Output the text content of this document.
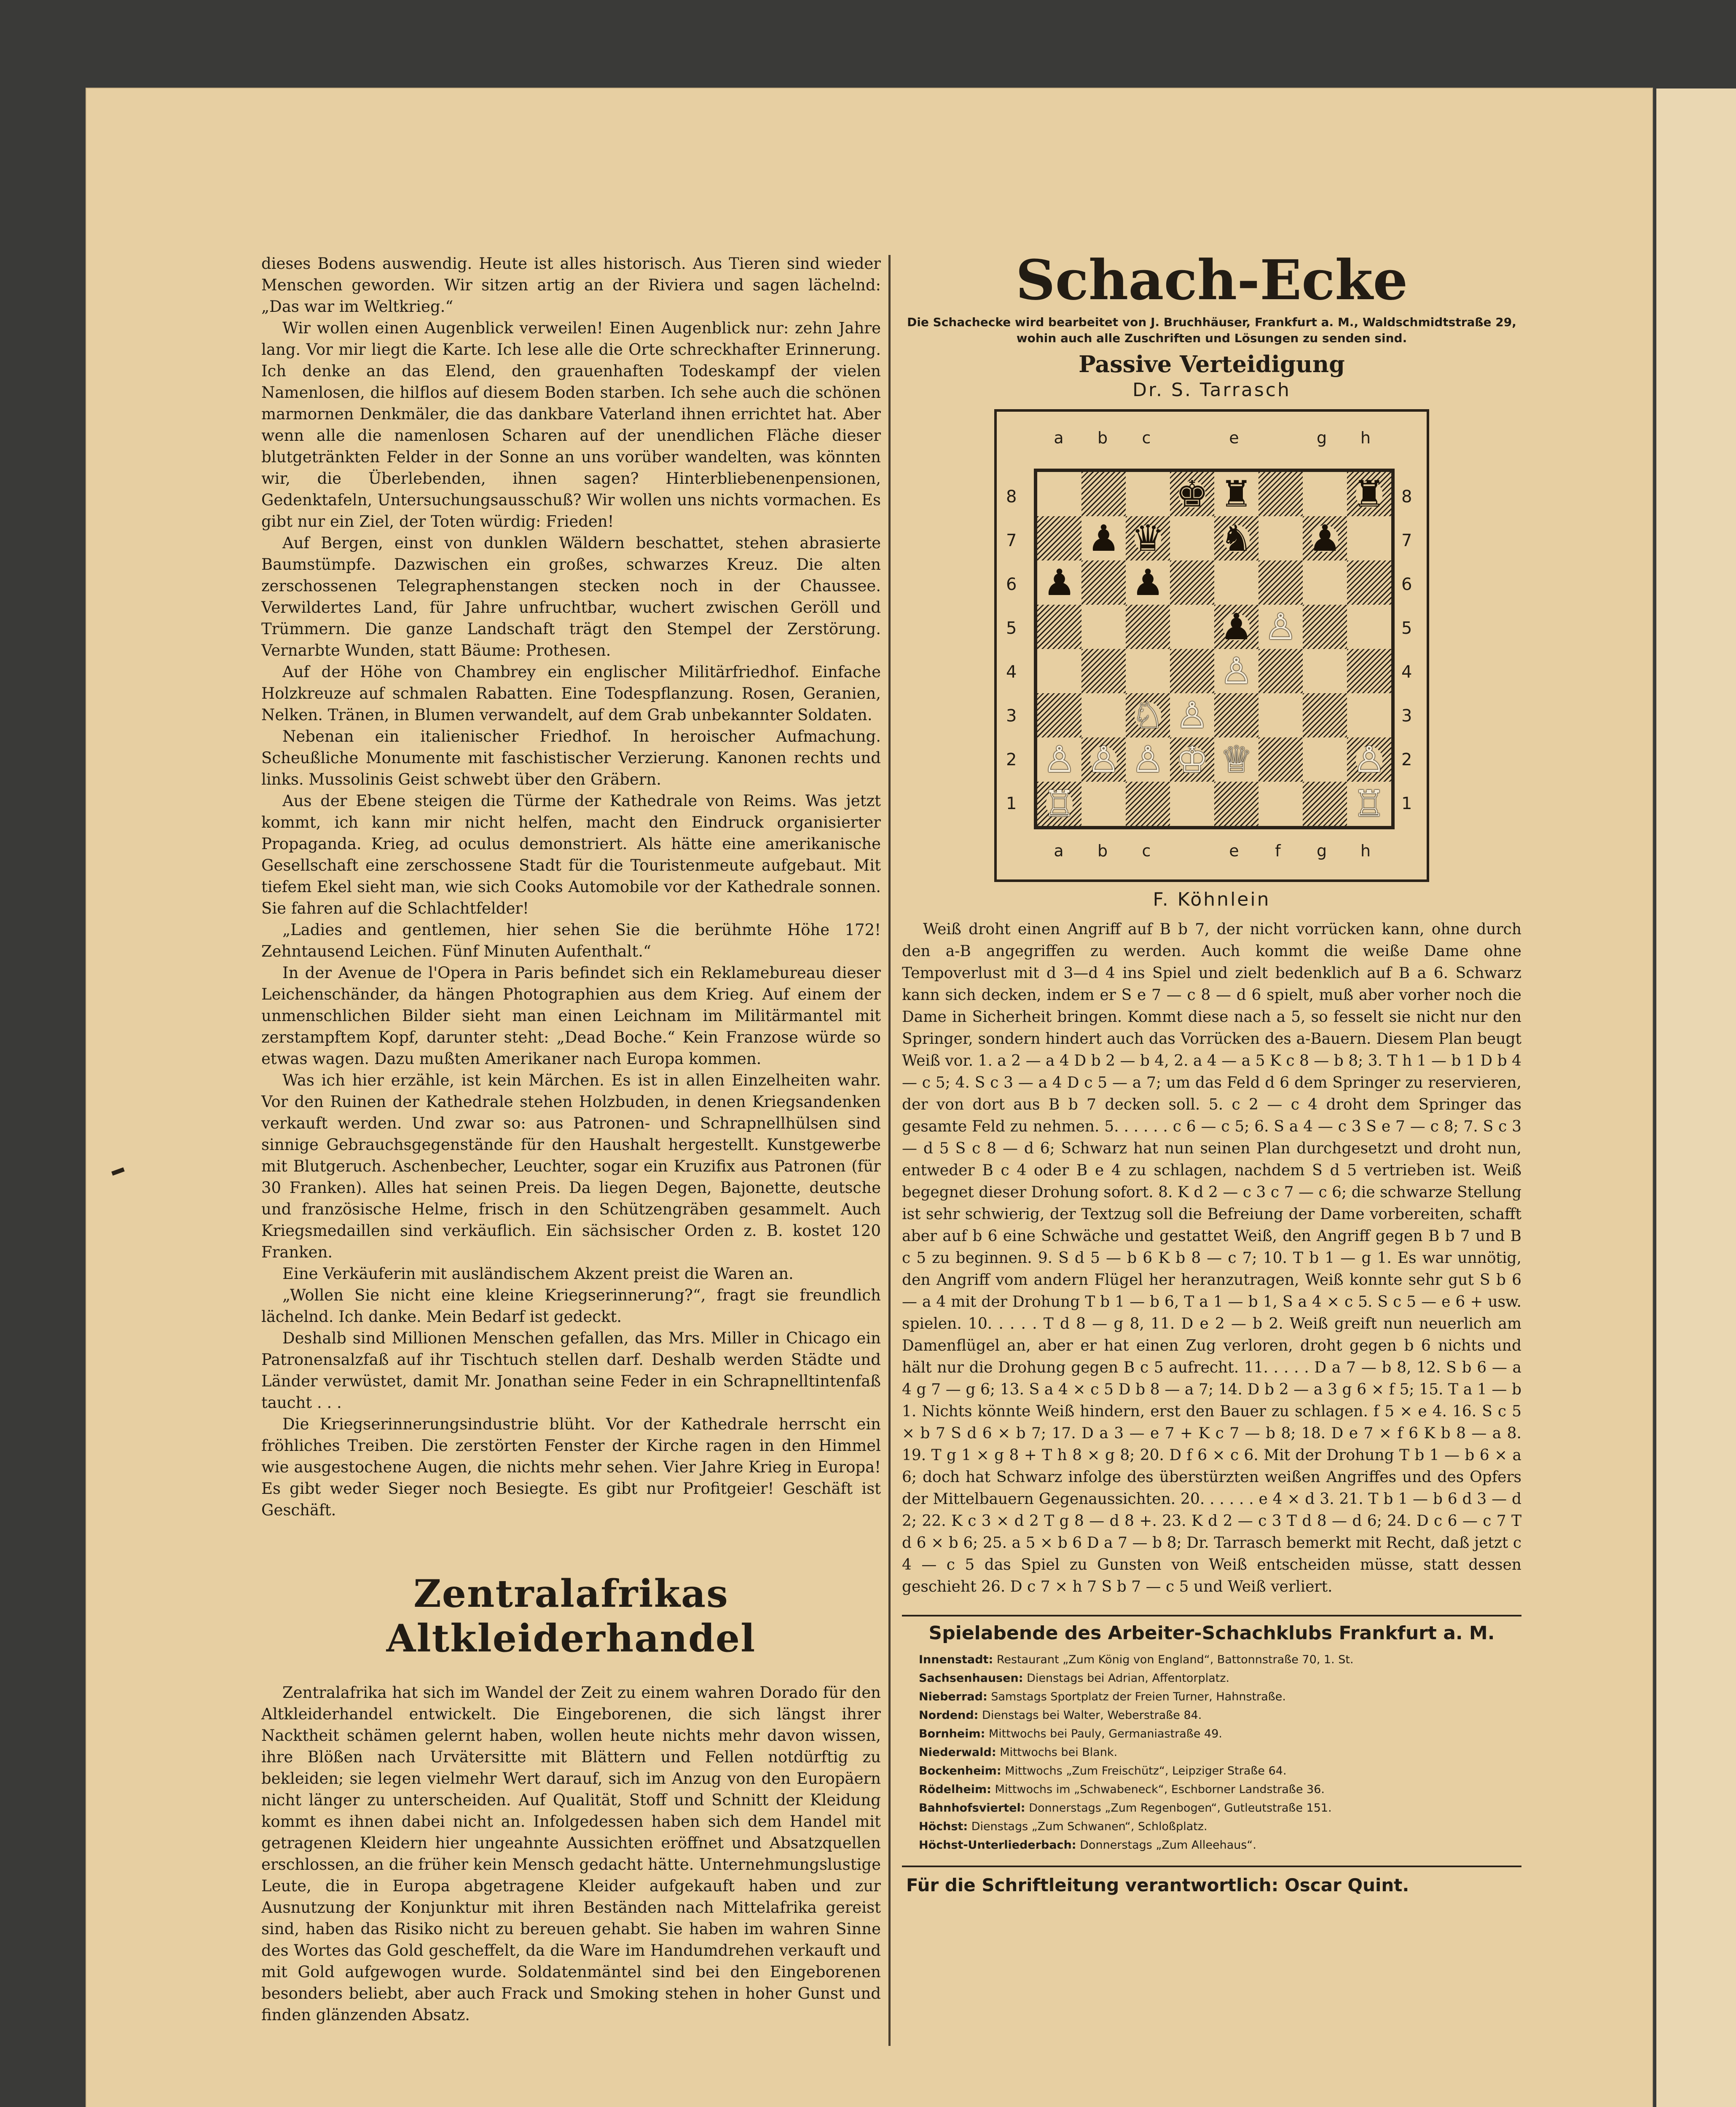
dieses Bodens auswendig. Heute ist alles historisch. Aus Tieren sind wieder Menschen geworden. Wir sitzen artig an der Riviera und sagen lächelnd: „Das war im Weltkrieg.“

Wir wollen einen Augenblick verweilen! Einen Augenblick nur: zehn Jahre lang. Vor mir liegt die Karte. Ich lese alle die Orte schreckhafter Erinnerung. Ich denke an das Elend, den grauenhaften Todeskampf der vielen Namenlosen, die hilflos auf diesem Boden starben. Ich sehe auch die schönen marmornen Denkmäler, die das dankbare Vaterland ihnen errichtet hat. Aber wenn alle die namenlosen Scharen auf der unendlichen Fläche dieser blutgetränkten Felder in der Sonne an uns vorüber wandelten, was könnten wir, die Überlebenden, ihnen sagen? Hinterbliebenenpensionen, Gedenktafeln, Untersuchungsausschuß? Wir wollen uns nichts vormachen. Es gibt nur ein Ziel, der Toten würdig: Frieden!

Auf Bergen, einst von dunklen Wäldern beschattet, stehen abrasierte Baumstümpfe. Dazwischen ein großes, schwarzes Kreuz. Die alten zerschossenen Telegraphenstangen stecken noch in der Chaussee. Verwildertes Land, für Jahre unfruchtbar, wuchert zwischen Geröll und Trümmern. Die ganze Landschaft trägt den Stempel der Zerstörung. Vernarbte Wunden, statt Bäume: Prothesen.

Auf der Höhe von Chambrey ein englischer Militärfriedhof. Einfache Holzkreuze auf schmalen Rabatten. Eine Todespflanzung. Rosen, Geranien, Nelken. Tränen, in Blumen verwandelt, auf dem Grab unbekannter Soldaten.

Nebenan ein italienischer Friedhof. In heroischer Aufmachung. Scheußliche Monumente mit faschistischer Verzierung. Kanonen rechts und links. Mussolinis Geist schwebt über den Gräbern.

Aus der Ebene steigen die Türme der Kathedrale von Reims. Was jetzt kommt, ich kann mir nicht helfen, macht den Eindruck organisierter Propaganda. Krieg, ad oculus demonstriert. Als hätte eine amerikanische Gesellschaft eine zerschossene Stadt für die Touristenmeute aufgebaut. Mit tiefem Ekel sieht man, wie sich Cooks Automobile vor der Kathedrale sonnen. Sie fahren auf die Schlachtfelder!

„Ladies and gentlemen, hier sehen Sie die berühmte Höhe 172! Zehntausend Leichen. Fünf Minuten Aufenthalt.“

In der Avenue de l'Opera in Paris befindet sich ein Reklamebureau dieser Leichenschänder, da hängen Photographien aus dem Krieg. Auf einem der unmenschlichen Bilder sieht man einen Leichnam im Militärmantel mit zerstampftem Kopf, darunter steht: „Dead Boche.“ Kein Franzose würde so etwas wagen. Dazu mußten Amerikaner nach Europa kommen.

Was ich hier erzähle, ist kein Märchen. Es ist in allen Einzelheiten wahr. Vor den Ruinen der Kathedrale stehen Holzbuden, in denen Kriegsandenken verkauft werden. Und zwar so: aus Patronen- und Schrapnellhülsen sind sinnige Gebrauchsgegenstände für den Haushalt hergestellt. Kunstgewerbe mit Blutgeruch. Aschenbecher, Leuchter, sogar ein Kruzifix aus Patronen (für 30 Franken). Alles hat seinen Preis. Da liegen Degen, Bajonette, deutsche und französische Helme, frisch in den Schützengräben gesammelt. Auch Kriegsmedaillen sind verkäuflich. Ein sächsischer Orden z. B. kostet 120 Franken.

Eine Verkäuferin mit ausländischem Akzent preist die Waren an.

„Wollen Sie nicht eine kleine Kriegserinnerung?“, fragt sie freundlich lächelnd. Ich danke. Mein Bedarf ist gedeckt.

Deshalb sind Millionen Menschen gefallen, das Mrs. Miller in Chicago ein Patronensalzfaß auf ihr Tischtuch stellen darf. Deshalb werden Städte und Länder verwüstet, damit Mr. Jonathan seine Feder in ein Schrapnelltintenfaß taucht . . .

Die Kriegserinnerungsindustrie blüht. Vor der Kathedrale herrscht ein fröhliches Treiben. Die zerstörten Fenster der Kirche ragen in den Himmel wie ausgestochene Augen, die nichts mehr sehen. Vier Jahre Krieg in Europa! Es gibt weder Sieger noch Besiegte. Es gibt nur Profitgeier! Geschäft ist Geschäft.

Zentralafrikas Altkleiderhandel

Zentralafrika hat sich im Wandel der Zeit zu einem wahren Dorado für den Altkleiderhandel entwickelt. Die Eingeborenen, die sich längst ihrer Nacktheit schämen gelernt haben, wollen heute nichts mehr davon wissen, ihre Blößen nach Urvätersitte mit Blättern und Fellen notdürftig zu bekleiden; sie legen vielmehr Wert darauf, sich im Anzug von den Europäern nicht länger zu unterscheiden. Auf Qualität, Stoff und Schnitt der Kleidung kommt es ihnen dabei nicht an. Infolgedessen haben sich dem Handel mit getragenen Kleidern hier ungeahnte Aussichten eröffnet und Absatzquellen erschlossen, an die früher kein Mensch gedacht hätte. Unternehmungslustige Leute, die in Europa abgetragene Kleider aufgekauft haben und zur Ausnutzung der Konjunktur mit ihren Beständen nach Mittelafrika gereist sind, haben das Risiko nicht zu bereuen gehabt. Sie haben im wahren Sinne des Wortes das Gold gescheffelt, da die Ware im Handumdrehen verkauft und mit Gold aufgewogen wurde. Soldatenmäntel sind bei den Eingeborenen besonders beliebt, aber auch Frack und Smoking stehen in hoher Gunst und finden glänzenden Absatz.

Schach-Ecke
Die Schachecke wird bearbeitet von J. Bruchhäuser, Frankfurt a. M., Waldschmidtstraße 29, wohin auch alle Zuschriften und Lösungen zu senden sind.
Passive Verteidigung
Dr. S. Tarrasch
a	b	c	e	g	h
8
7
6
5
4
3
2
1
8
7
6
5
4
3
2
1
♚ ♜	♜
♟ ♛ ♞ ♟
♟ ♟
♟ ♙
♙
♘ ♙
♙ ♙ ♙ ♔ ♕	♙
♖	♖
a	b	c	e	f	g	h
F. Köhnlein

Weiß droht einen Angriff auf B b 7, der nicht vorrücken kann, ohne durch den a-B angegriffen zu werden. Auch kommt die weiße Dame ohne Tempoverlust mit d 3—d 4 ins Spiel und zielt bedenklich auf B a 6. Schwarz kann sich decken, indem er S e 7 — c 8 — d 6 spielt, muß aber vorher noch die Dame in Sicherheit bringen. Kommt diese nach a 5, so fesselt sie nicht nur den Springer, sondern hindert auch das Vorrücken des a-Bauern. Diesem Plan beugt Weiß vor. 1. a 2 — a 4 D b 2 — b 4, 2. a 4 — a 5 K c 8 — b 8; 3. T h 1 — b 1 D b 4 — c 5; 4. S c 3 — a 4 D c 5 — a 7; um das Feld d 6 dem Springer zu reservieren, der von dort aus B b 7 decken soll. 5. c 2 — c 4 droht dem Springer das gesamte Feld zu nehmen. 5. . . . . . c 6 — c 5; 6. S a 4 — c 3 S e 7 — c 8; 7. S c 3 — d 5 S c 8 — d 6; Schwarz hat nun seinen Plan durchgesetzt und droht nun, entweder B c 4 oder B e 4 zu schlagen, nachdem S d 5 vertrieben ist. Weiß begegnet dieser Drohung sofort. 8. K d 2 — c 3 c 7 — c 6; die schwarze Stellung ist sehr schwierig, der Textzug soll die Befreiung der Dame vorbereiten, schafft aber auf b 6 eine Schwäche und gestattet Weiß, den Angriff gegen B b 7 und B c 5 zu beginnen. 9. S d 5 — b 6 K b 8 — c 7; 10. T b 1 — g 1. Es war unnötig, den Angriff vom andern Flügel her heranzutragen, Weiß konnte sehr gut S b 6 — a 4 mit der Drohung T b 1 — b 6, T a 1 — b 1, S a 4 × c 5. S c 5 — e 6 + usw. spielen. 10. . . . . T d 8 — g 8, 11. D e 2 — b 2. Weiß greift nun neuerlich am Damenflügel an, aber er hat einen Zug verloren, droht gegen b 6 nichts und hält nur die Drohung gegen B c 5 aufrecht. 11. . . . . D a 7 — b 8, 12. S b 6 — a 4 g 7 — g 6; 13. S a 4 × c 5 D b 8 — a 7; 14. D b 2 — a 3 g 6 × f 5; 15. T a 1 — b 1. Nichts könnte Weiß hindern, erst den Bauer zu schlagen. f 5 × e 4. 16. S c 5 × b 7 S d 6 × b 7; 17. D a 3 — e 7 + K c 7 — b 8; 18. D e 7 × f 6 K b 8 — a 8. 19. T g 1 × g 8 + T h 8 × g 8; 20. D f 6 × c 6. Mit der Drohung T b 1 — b 6 × a 6; doch hat Schwarz infolge des überstürzten weißen Angriffes und des Opfers der Mittelbauern Gegenaussichten. 20. . . . . . e 4 × d 3. 21. T b 1 — b 6 d 3 — d 2; 22. K c 3 × d 2 T g 8 — d 8 +. 23. K d 2 — c 3 T d 8 — d 6; 24. D c 6 — c 7 T d 6 × b 6; 25. a 5 × b 6 D a 7 — b 8; Dr. Tarrasch bemerkt mit Recht, daß jetzt c 4 — c 5 das Spiel zu Gunsten von Weiß entscheiden müsse, statt dessen geschieht 26. D c 7 × h 7 S b 7 — c 5 und Weiß verliert.

Spielabende des Arbeiter-Schachklubs Frankfurt a. M.
Innenstadt: Restaurant „Zum König von England“, Battonnstraße 70, 1. St.
Sachsenhausen: Dienstags bei Adrian, Affentorplatz.
Nieberrad: Samstags Sportplatz der Freien Turner, Hahnstraße.
Nordend: Dienstags bei Walter, Weberstraße 84.
Bornheim: Mittwochs bei Pauly, Germaniastraße 49.
Niederwald: Mittwochs bei Blank.
Bockenheim: Mittwochs „Zum Freischütz“, Leipziger Straße 64.
Rödelheim: Mittwochs im „Schwabeneck“, Eschborner Landstraße 36.
Bahnhofsviertel: Donnerstags „Zum Regenbogen“, Gutleutstraße 151.
Höchst: Dienstags „Zum Schwanen“, Schloßplatz.
Höchst-Unterliederbach: Donnerstags „Zum Alleehaus“.
Für die Schriftleitung verantwortlich: Oscar Quint.
